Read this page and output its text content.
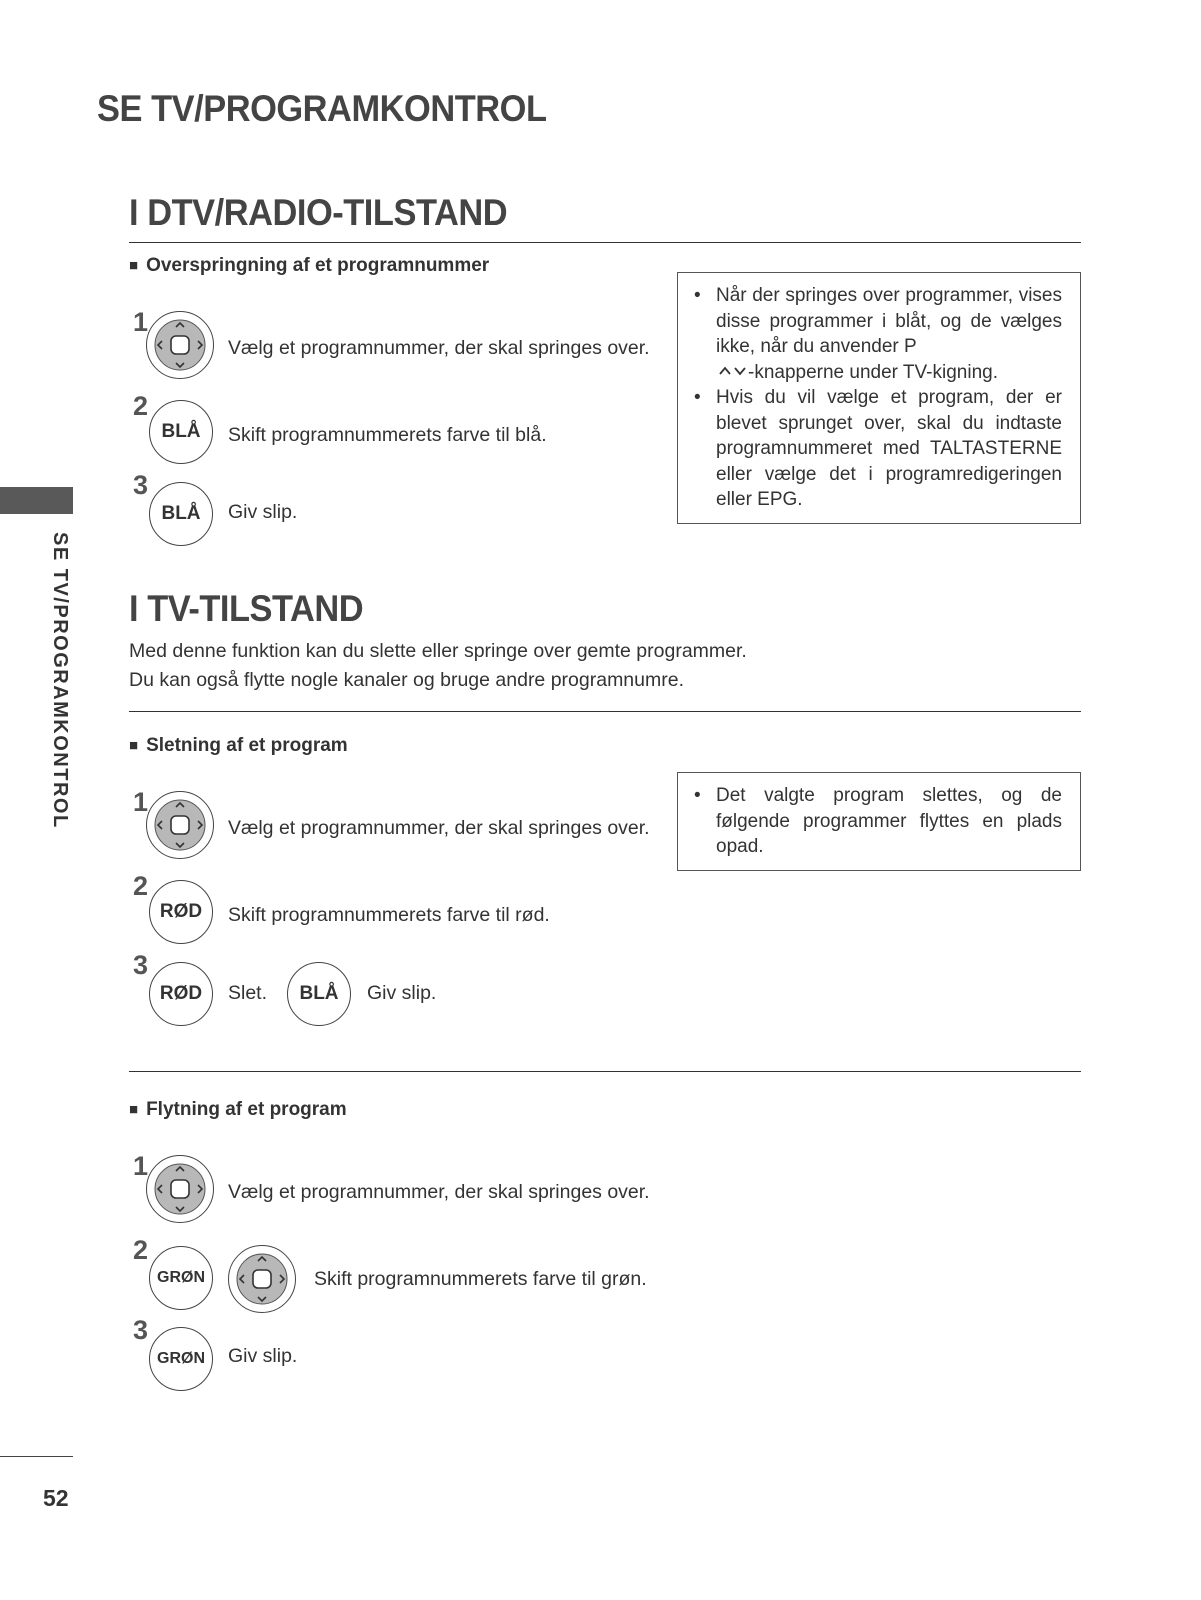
SE TV/PROGRAMKONTROL
SE TV/PROGRAMKONTROL
I DTV/RADIO-TILSTAND
■ Overspringning af et programnummer
1
Vælg et programnummer, der skal springes over.
2
BLÅ	Skift programnummerets farve til blå.
3
BLÅ	Giv slip.
• Når der springes over programmer, vises disse programmer i blåt, og de vælges ikke, når du anvender P
-knapperne under TV-kigning.
• Hvis du vil vælge et program, der er blevet sprunget over, skal du indtaste programnummeret med TALTASTERNE eller vælge det i programredigeringen eller EPG.
I TV-TILSTAND
Med denne funktion kan du slette eller springe over gemte programmer.
Du kan også flytte nogle kanaler og bruge andre programnumre.
■ Sletning af et program
1
Vælg et programnummer, der skal springes over.
2
RØD	Skift programnummerets farve til rød.
3
RØD	Slet.	BLÅ	Giv slip.
• Det valgte program slettes, og de følgende programmer flyttes en plads opad.
■ Flytning af et program
1
Vælg et programnummer, der skal springes over.
2
GRØN	Skift programnummerets farve til grøn.
3
GRØN	Giv slip.
52
